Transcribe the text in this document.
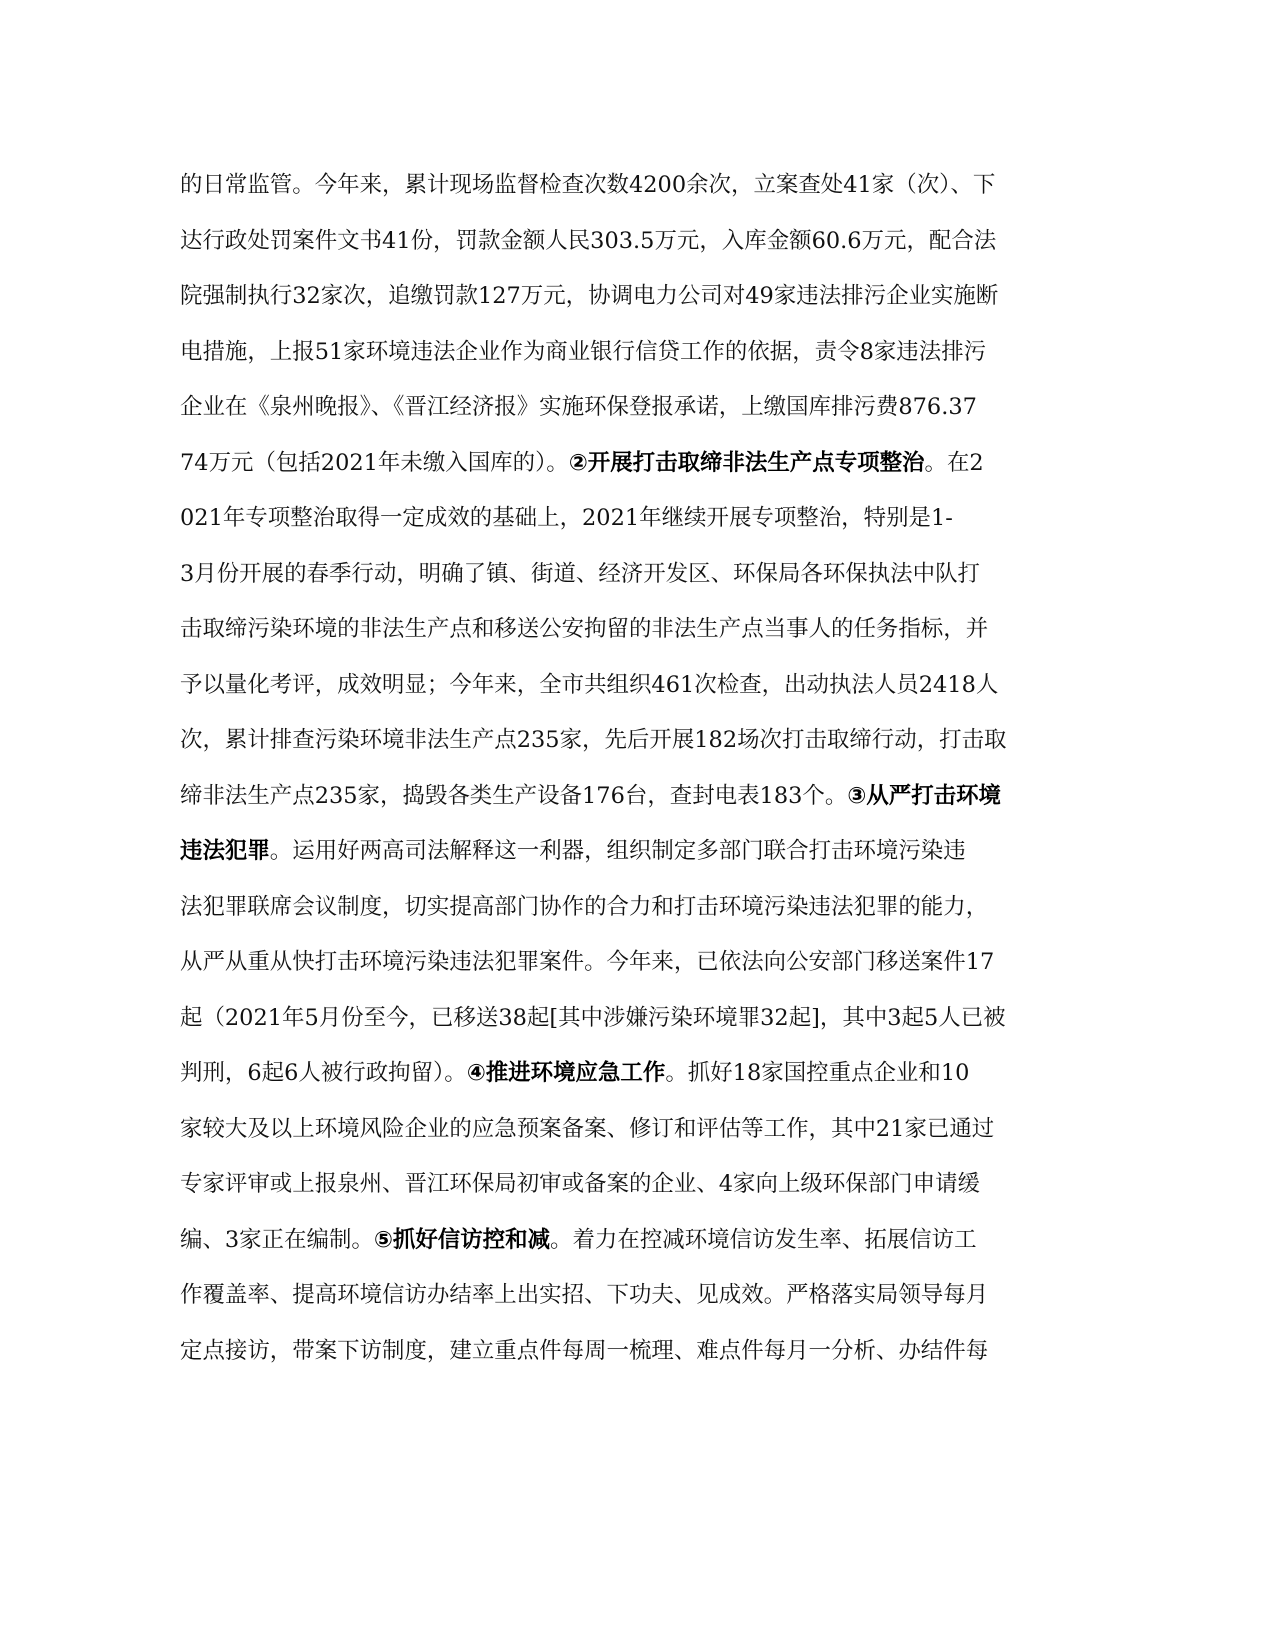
的日常监管。今年来，累计现场监督检查次数4200余次，立案查处41家（次）、下
达行政处罚案件文书41份，罚款金额人民303.5万元，入库金额60.6万元，配合法
院强制执行32家次，追缴罚款127万元，协调电力公司对49家违法排污企业实施断
电措施，上报51家环境违法企业作为商业银行信贷工作的依据，责令8家违法排污
企业在《泉州晚报》、《晋江经济报》实施环保登报承诺，上缴国库排污费876.37
74万元（包括2021年未缴入国库的）。②开展打击取缔非法生产点专项整治。在2
021年专项整治取得一定成效的基础上，2021年继续开展专项整治，特别是1-
3月份开展的春季行动，明确了镇、街道、经济开发区、环保局各环保执法中队打
击取缔污染环境的非法生产点和移送公安拘留的非法生产点当事人的任务指标，并
予以量化考评，成效明显；今年来，全市共组织461次检查，出动执法人员2418人
次，累计排查污染环境非法生产点235家，先后开展182场次打击取缔行动，打击取
缔非法生产点235家，捣毁各类生产设备176台，查封电表183个。③从严打击环境
违法犯罪。运用好两高司法解释这一利器，组织制定多部门联合打击环境污染违
法犯罪联席会议制度，切实提高部门协作的合力和打击环境污染违法犯罪的能力，
从严从重从快打击环境污染违法犯罪案件。今年来，已依法向公安部门移送案件17
起（2021年5月份至今，已移送38起[其中涉嫌污染环境罪32起]，其中3起5人已被
判刑，6起6人被行政拘留）。④推进环境应急工作。抓好18家国控重点企业和10
家较大及以上环境风险企业的应急预案备案、修订和评估等工作，其中21家已通过
专家评审或上报泉州、晋江环保局初审或备案的企业、4家向上级环保部门申请缓
编、3家正在编制。⑤抓好信访控和减。着力在控减环境信访发生率、拓展信访工
作覆盖率、提高环境信访办结率上出实招、下功夫、见成效。严格落实局领导每月
定点接访，带案下访制度，建立重点件每周一梳理、难点件每月一分析、办结件每
